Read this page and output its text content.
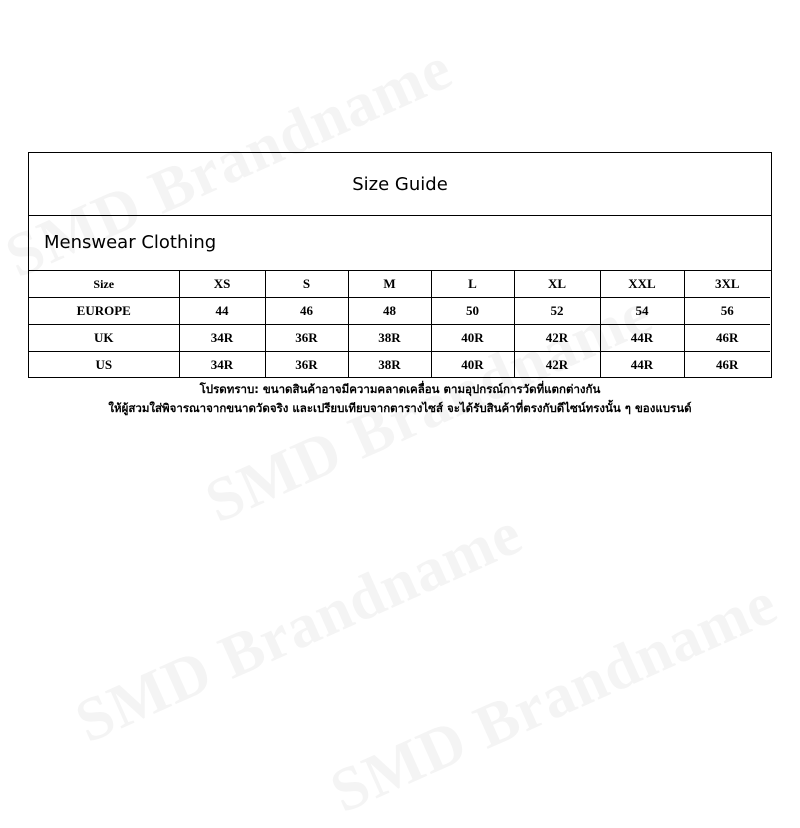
Size Guide
Menswear Clothing
Size	XS	S	M	L	XL	XXL	3XL
EUROPE	44	46	48	50	52	54	56
UK	34R	36R	38R	40R	42R	44R	46R
US	34R	36R	38R	40R	42R	44R	46R
โปรดทราบ: ขนาดสินค้าอาจมีความคลาดเคลื่อน ตามอุปกรณ์การวัดที่แตกต่างกัน
ให้ผู้สวมใส่พิจารณาจากขนาดวัดจริง และเปรียบเทียบจากตารางไซส์ จะได้รับสินค้าที่ตรงกับดีไซน์ทรงนั้น ๆ ของแบรนด์
